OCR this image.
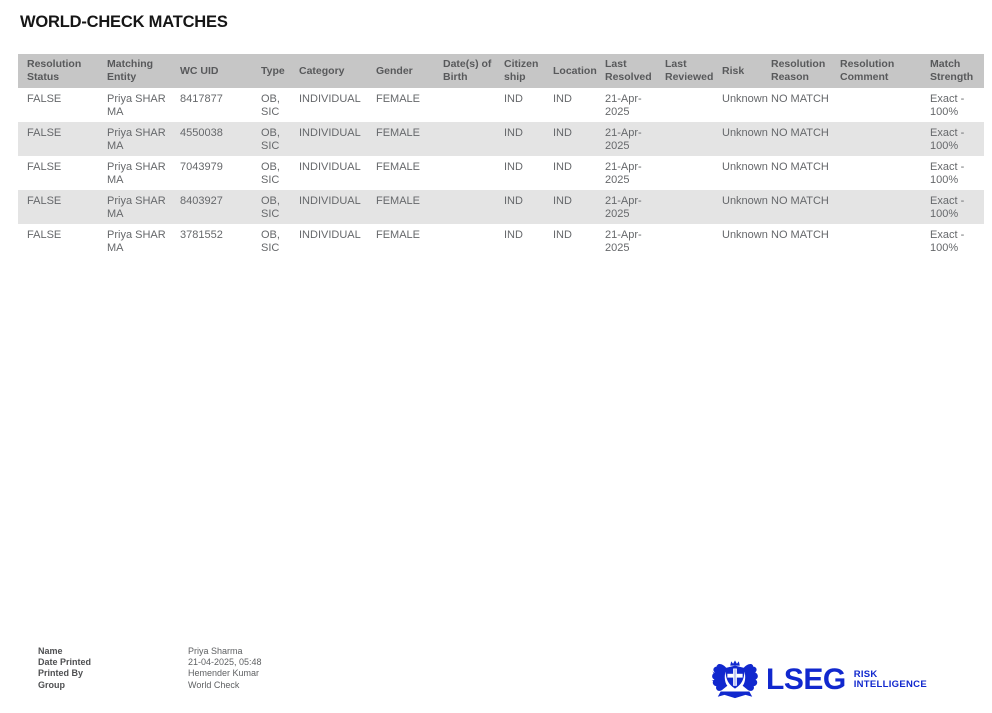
WORLD-CHECK MATCHES
Resolution Status	Matching Entity	WC UID	Type	Category	Gender	Date(s) of Birth	Citizenship	Location	Last Resolved	Last Reviewed	Risk	Resolution Reason	Resolution Comment	Match Strength
FALSE	Priya SHARMA	8417877	OB, SIC	INDIVIDUAL	FEMALE		IND	IND	21-Apr-2025		Unknown	NO MATCH		Exact - 100%
FALSE	Priya SHARMA	4550038	OB, SIC	INDIVIDUAL	FEMALE		IND	IND	21-Apr-2025		Unknown	NO MATCH		Exact - 100%
FALSE	Priya SHARMA	7043979	OB, SIC	INDIVIDUAL	FEMALE		IND	IND	21-Apr-2025		Unknown	NO MATCH		Exact - 100%
FALSE	Priya SHARMA	8403927	OB, SIC	INDIVIDUAL	FEMALE		IND	IND	21-Apr-2025		Unknown	NO MATCH		Exact - 100%
FALSE	Priya SHARMA	3781552	OB, SIC	INDIVIDUAL	FEMALE		IND	IND	21-Apr-2025		Unknown	NO MATCH		Exact - 100%
Name	Priya Sharma
Date Printed	21-04-2025, 05:48
Printed By	Hemender Kumar
Group	World Check	LSEG RISK
INTELLIGENCE
